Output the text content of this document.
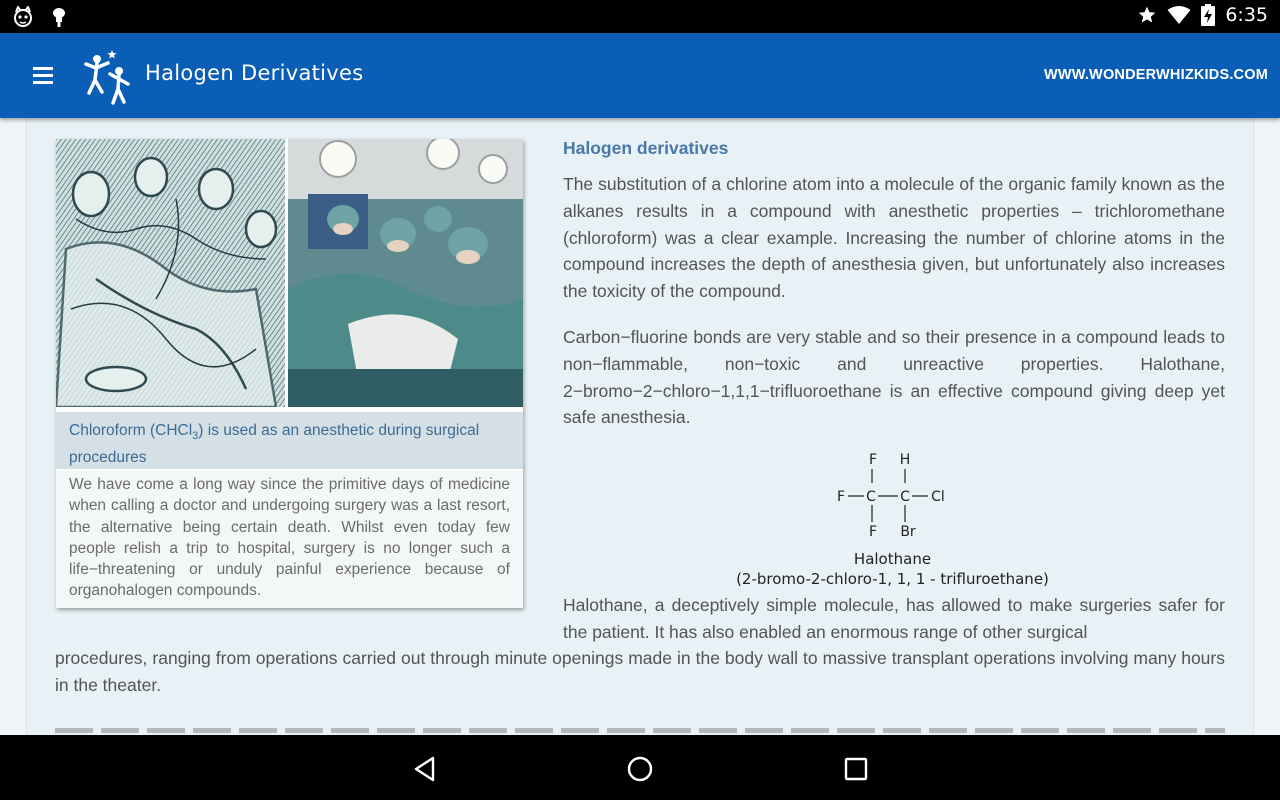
6:35
Halogen Derivatives	WWW.WONDERWHIZKIDS.COM
Chloroform (CHCl$_3$) is used as an anesthetic during surgical procedures

We have come a long way since the primitive days of medicine when calling a doctor and undergoing surgery was a last resort, the alternative being certain death. Whilst even today few people relish a trip to hospital, surgery is no longer such a life−threatening or unduly painful experience because of organohalogen compounds.

Halogen derivatives

The substitution of a chlorine atom into a molecule of the organic family known as the alkanes results in a compound with anesthetic properties – trichloromethane (chloroform) was a clear example. Increasing the number of chlorine atoms in the compound increases the depth of anesthesia given, but unfortunately also increases the toxicity of the compound.

Carbon−fluorine bonds are very stable and so their presence in a compound leads to non−flammable, non−toxic and unreactive properties. Halothane, 2−bromo−2−chloro−1,1,1−trifluoroethane is an effective compound giving deep yet safe anesthesia.

F H
F C C Cl
F Br
Halothane
(2-bromo-2-chloro-1, 1, 1 - trifluroethane)

Halothane, a deceptively simple molecule, has allowed to make surgeries safer for the patient. It has also enabled an enormous range of other surgical

procedures, ranging from operations carried out through minute openings made in the body wall to massive transplant operations involving many hours in the theater.
